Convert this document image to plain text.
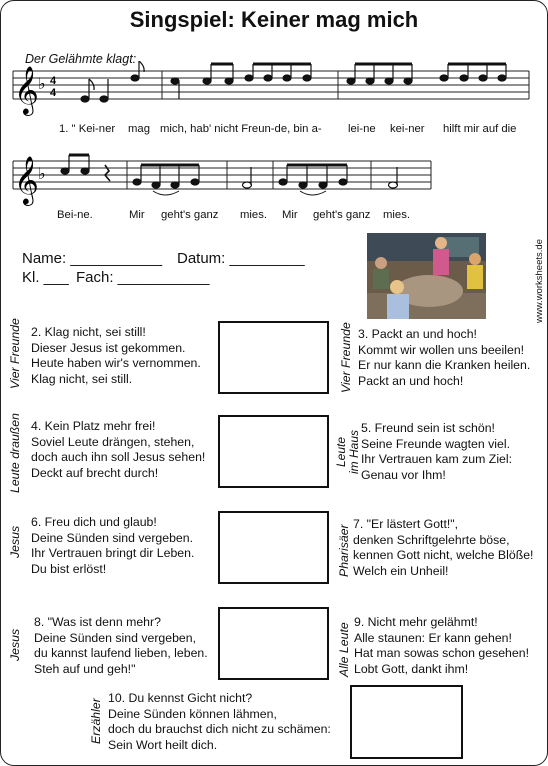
Singspiel: Keiner mag mich
Der Gelähmte klagt:
𝄞 ♭ 4
4
1. " Kei-ner mag mich, hab' nicht Freun-de, bin a- lei-ne kei-ner hilft mir auf die
𝄞 ♭
Bei-ne.	Mir geht's ganz mies. Mir geht's ganz mies.
Name: ___________ Datum: _________
Kl. ___ Fach: ___________	www.worksheets.de
Vier Freunde 2. Klag nicht, sei still!
Dieser Jesus ist gekommen.
Heute haben wir's vernommen.
Klag nicht, sei still.	Vier Freunde 3. Packt an und hoch!
Kommt wir wollen uns beeilen!
Er nur kann die Kranken heilen.
Packt an und hoch!
Leute draußen 4. Kein Platz mehr frei!
Soviel Leute drängen, stehen,
doch auch ihn soll Jesus sehen!
Deckt auf brecht durch!
Leute
im Haus
5. Freund sein ist schön!
Seine Freunde wagten viel.
Ihr Vertrauen kam zum Ziel:
Genau vor Ihm!
Jesus
6. Freu dich und glaub!
Deine Sünden sind vergeben.
Ihr Vertrauen bringt dir Leben.
Du bist erlöst!	Pharisäer
7. "Er lästert Gott!",
denken Schriftgelehrte böse,
kennen Gott nicht, welche Blöße!
Welch ein Unheil!
Jesus
8. "Was ist denn mehr?
Deine Sünden sind vergeben,
du kannst laufend lieben, leben.
Steh auf und geh!"	Alle Leute
9. Nicht mehr gelähmt!
Alle staunen: Er kann gehen!
Hat man sowas schon gesehen!
Lobt Gott, dankt ihm!
Erzähler
10. Du kennst Gicht nicht?
Deine Sünden können lähmen,
doch du brauchst dich nicht zu schämen:
Sein Wort heilt dich.
